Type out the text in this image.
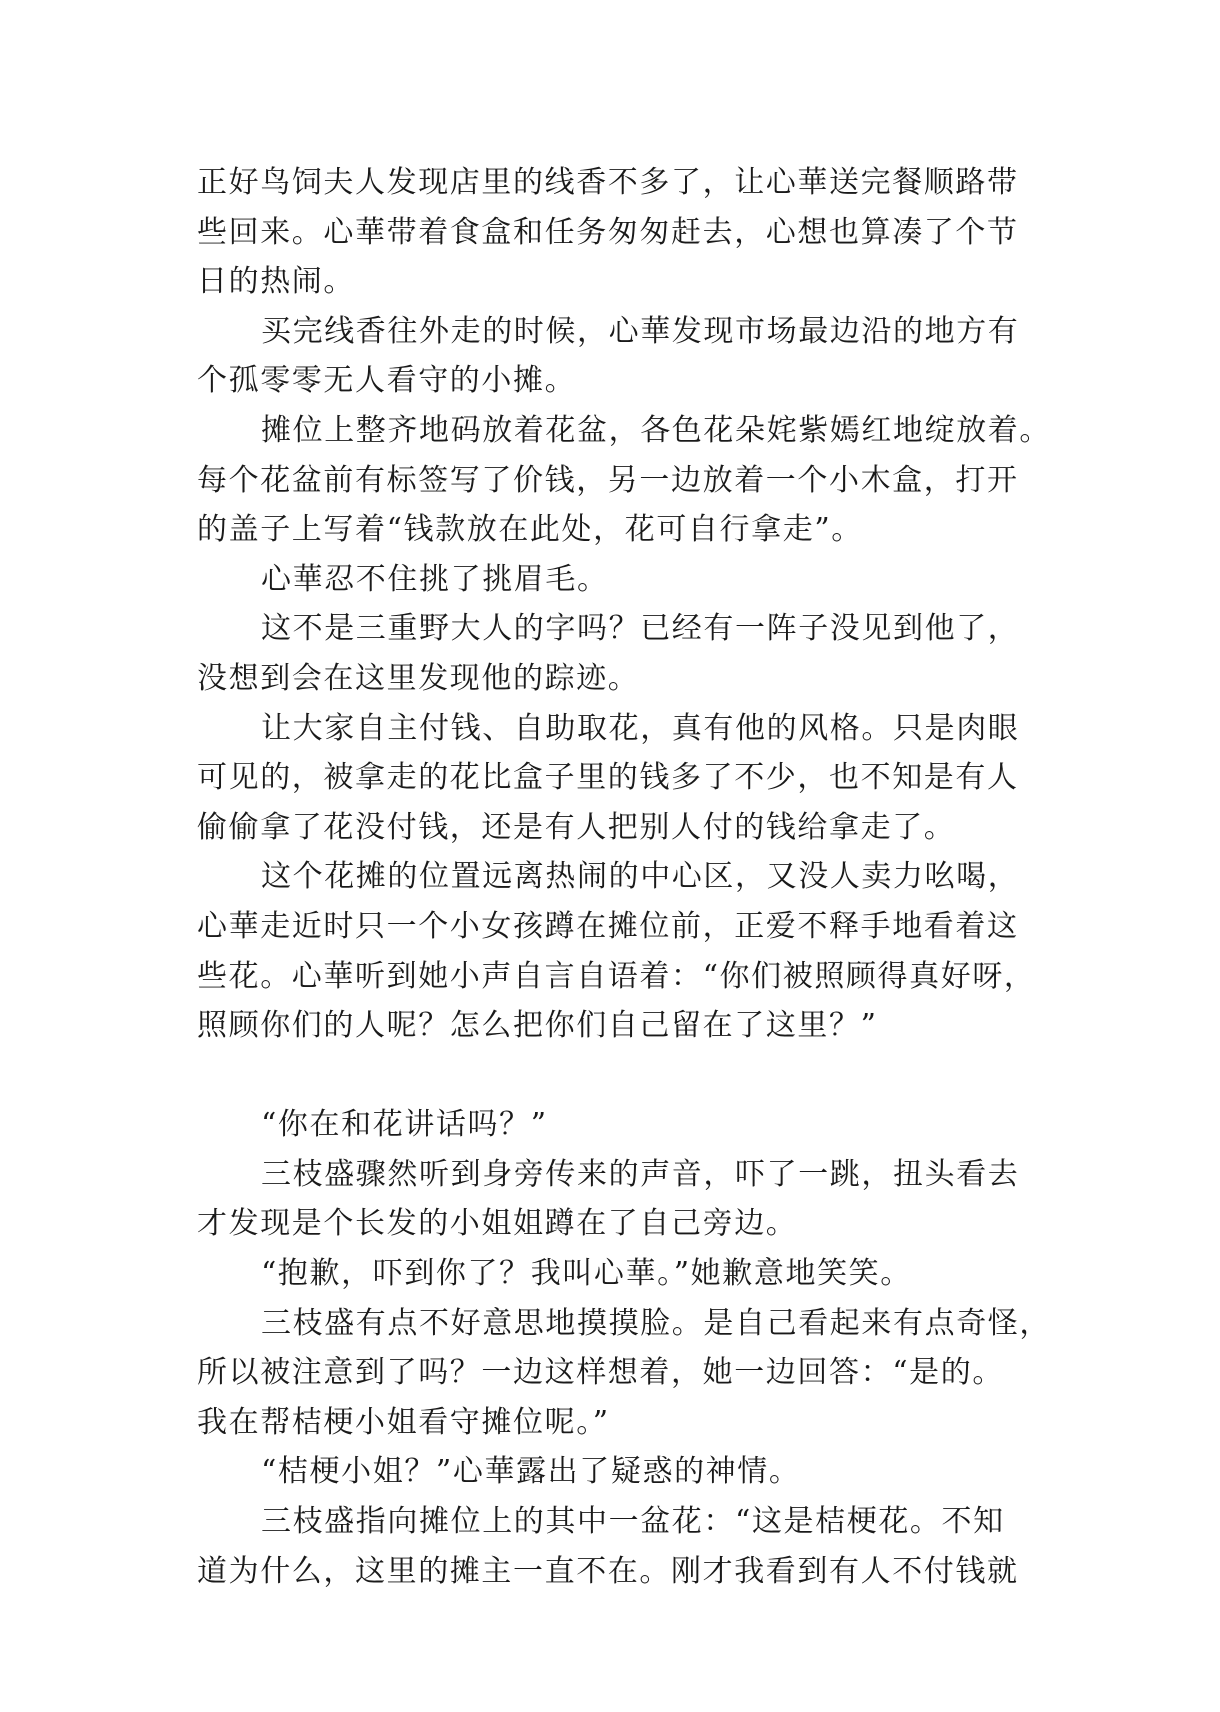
正好鸟饲夫人发现店里的线香不多了，让心華送完餐顺路带
些回来。心華带着食盒和任务匆匆赶去，心想也算凑了个节
日的热闹。
买完线香往外走的时候，心華发现市场最边沿的地方有
个孤零零无人看守的小摊。
摊位上整齐地码放着花盆，各色花朵姹紫嫣红地绽放着。
每个花盆前有标签写了价钱，另一边放着一个小木盒，打开
的盖子上写着“钱款放在此处，花可自行拿走”。
心華忍不住挑了挑眉毛。
这不是三重野大人的字吗？已经有一阵子没见到他了，
没想到会在这里发现他的踪迹。
让大家自主付钱、自助取花，真有他的风格。只是肉眼
可见的，被拿走的花比盒子里的钱多了不少，也不知是有人
偷偷拿了花没付钱，还是有人把别人付的钱给拿走了。
这个花摊的位置远离热闹的中心区，又没人卖力吆喝，
心華走近时只一个小女孩蹲在摊位前，正爱不释手地看着这
些花。心華听到她小声自言自语着：“你们被照顾得真好呀，
照顾你们的人呢？怎么把你们自己留在了这里？”
“你在和花讲话吗？”
三枝盛骤然听到身旁传来的声音，吓了一跳，扭头看去
才发现是个长发的小姐姐蹲在了自己旁边。
“抱歉，吓到你了？我叫心華。”她歉意地笑笑。
三枝盛有点不好意思地摸摸脸。是自己看起来有点奇怪，
所以被注意到了吗？一边这样想着，她一边回答：“是的。
我在帮桔梗小姐看守摊位呢。”
“桔梗小姐？”心華露出了疑惑的神情。
三枝盛指向摊位上的其中一盆花：“这是桔梗花。不知
道为什么，这里的摊主一直不在。刚才我看到有人不付钱就
